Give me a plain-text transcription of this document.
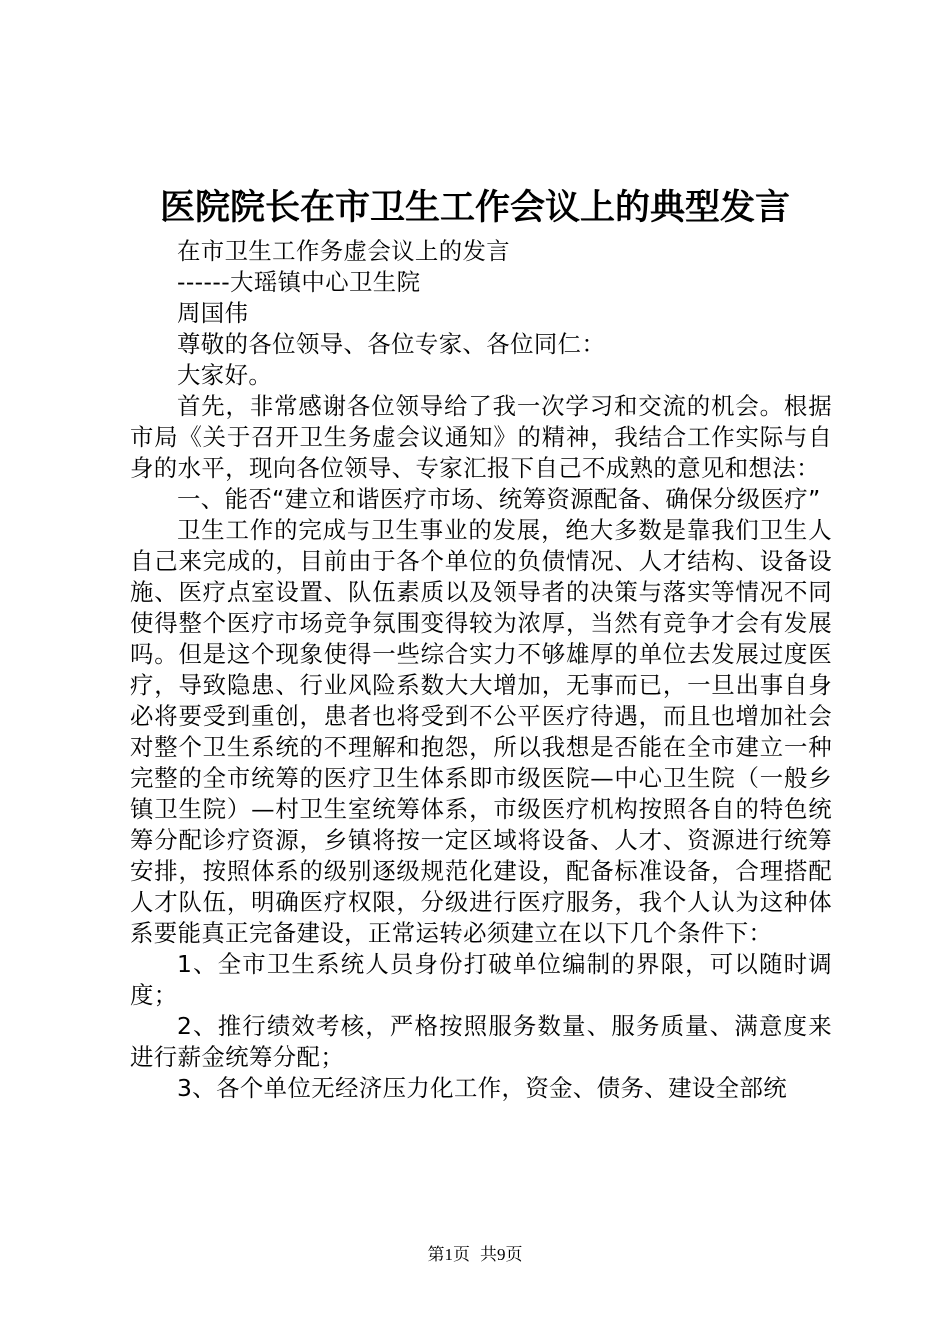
医院院长在市卫生工作会议上的典型发言

在市卫生工作务虚会议上的发言

------大瑶镇中心卫生院

周国伟

尊敬的各位领导、各位专家、各位同仁：

大家好。

首先，非常感谢各位领导给了我一次学习和交流的机会。根据市局《关于召开卫生务虚会议通知》的精神，我结合工作实际与自身的水平，现向各位领导、专家汇报下自己不成熟的意见和想法：

一、能否“建立和谐医疗市场、统筹资源配备、确保分级医疗”

卫生工作的完成与卫生事业的发展，绝大多数是靠我们卫生人自己来完成的，目前由于各个单位的负债情况、人才结构、设备设施、医疗点室设置、队伍素质以及领导者的决策与落实等情况不同使得整个医疗市场竞争氛围变得较为浓厚，当然有竞争才会有发展吗。但是这个现象使得一些综合实力不够雄厚的单位去发展过度医疗，导致隐患、行业风险系数大大增加，无事而已，一旦出事自身必将要受到重创，患者也将受到不公平医疗待遇，而且也增加社会对整个卫生系统的不理解和抱怨，所以我想是否能在全市建立一种完整的全市统筹的医疗卫生体系即市级医院—中心卫生院（一般乡镇卫生院）—村卫生室统筹体系，市级医疗机构按照各自的特色统筹分配诊疗资源，乡镇将按一定区域将设备、人才、资源进行统筹安排，按照体系的级别逐级规范化建设，配备标准设备，合理搭配人才队伍，明确医疗权限，分级进行医疗服务，我个人认为这种体系要能真正完备建设，正常运转必须建立在以下几个条件下：

1、全市卫生系统人员身份打破单位编制的界限，可以随时调度；

2、推行绩效考核，严格按照服务数量、服务质量、满意度来进行薪金统筹分配；

3、各个单位无经济压力化工作，资金、债务、建设全部统

第1页 共9页
